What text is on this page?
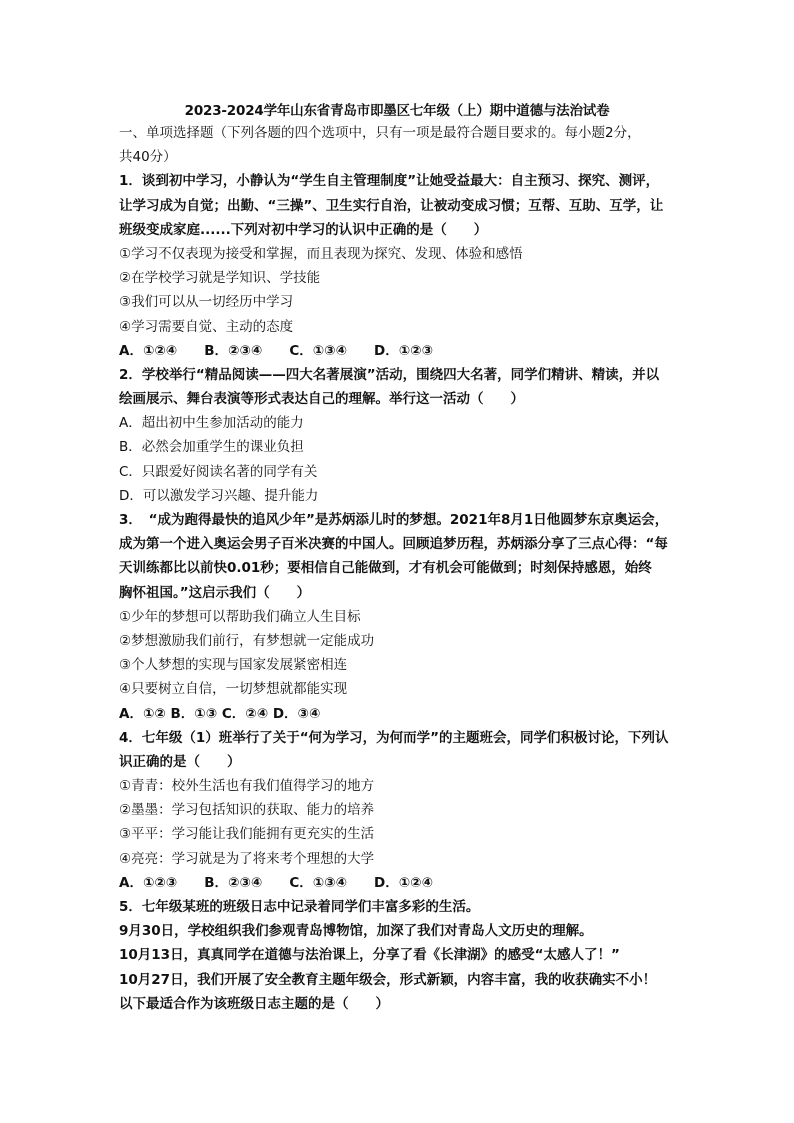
2023-2024学年山东省青岛市即墨区七年级（上）期中道德与法治试卷
一、单项选择题（下列各题的四个选项中，只有一项是最符合题目要求的。每小题2分，
共40分）
1．谈到初中学习，小静认为“学生自主管理制度”让她受益最大：自主预习、探究、测评，
让学习成为自觉；出勤、“三操”、卫生实行自治，让被动变成习惯；互帮、互助、互学，让
班级变成家庭......下列对初中学习的认识中正确的是（　　）
①学习不仅表现为接受和掌握，而且表现为探究、发现、体验和感悟
②在学校学习就是学知识、学技能
③我们可以从一切经历中学习
④学习需要自觉、主动的态度
A．①②④　　B．②③④　　C．①③④　　D．①②③
2．学校举行“精品阅读——四大名著展演”活动，围绕四大名著，同学们精讲、精读，并以
绘画展示、舞台表演等形式表达自己的理解。举行这一活动（　　）
A．超出初中生参加活动的能力
B．必然会加重学生的课业负担
C．只跟爱好阅读名著的同学有关
D．可以激发学习兴趣、提升能力
3．　“成为跑得最快的追风少年”是苏炳添儿时的梦想。2021年8月1日他圆梦东京奥运会，
成为第一个进入奥运会男子百米决赛的中国人。回顾追梦历程，苏炳添分享了三点心得：“每
天训练都比以前快0.01秒；要相信自己能做到，才有机会可能做到；时刻保持感恩，始终
胸怀祖国。”这启示我们（　　）
①少年的梦想可以帮助我们确立人生目标
②梦想激励我们前行，有梦想就一定能成功
③个人梦想的实现与国家发展紧密相连
④只要树立自信，一切梦想就都能实现
A．①② B．①③ C．②④ D．③④
4．七年级（1）班举行了关于“何为学习，为何而学”的主题班会，同学们积极讨论，下列认
识正确的是（　　）
①青青：校外生活也有我们值得学习的地方
②墨墨：学习包括知识的获取、能力的培养
③平平：学习能让我们能拥有更充实的生活
④亮亮：学习就是为了将来考个理想的大学
A．①②③　　B．②③④　　C．①③④　　D．①②④
5．七年级某班的班级日志中记录着同学们丰富多彩的生活。
9月30日，学校组织我们参观青岛博物馆，加深了我们对青岛人文历史的理解。
10月13日，真真同学在道德与法治课上，分享了看《长津湖》的感受“太感人了！”
10月27日，我们开展了安全教育主题年级会，形式新颖，内容丰富，我的收获确实不小！
以下最适合作为该班级日志主题的是（　　）
